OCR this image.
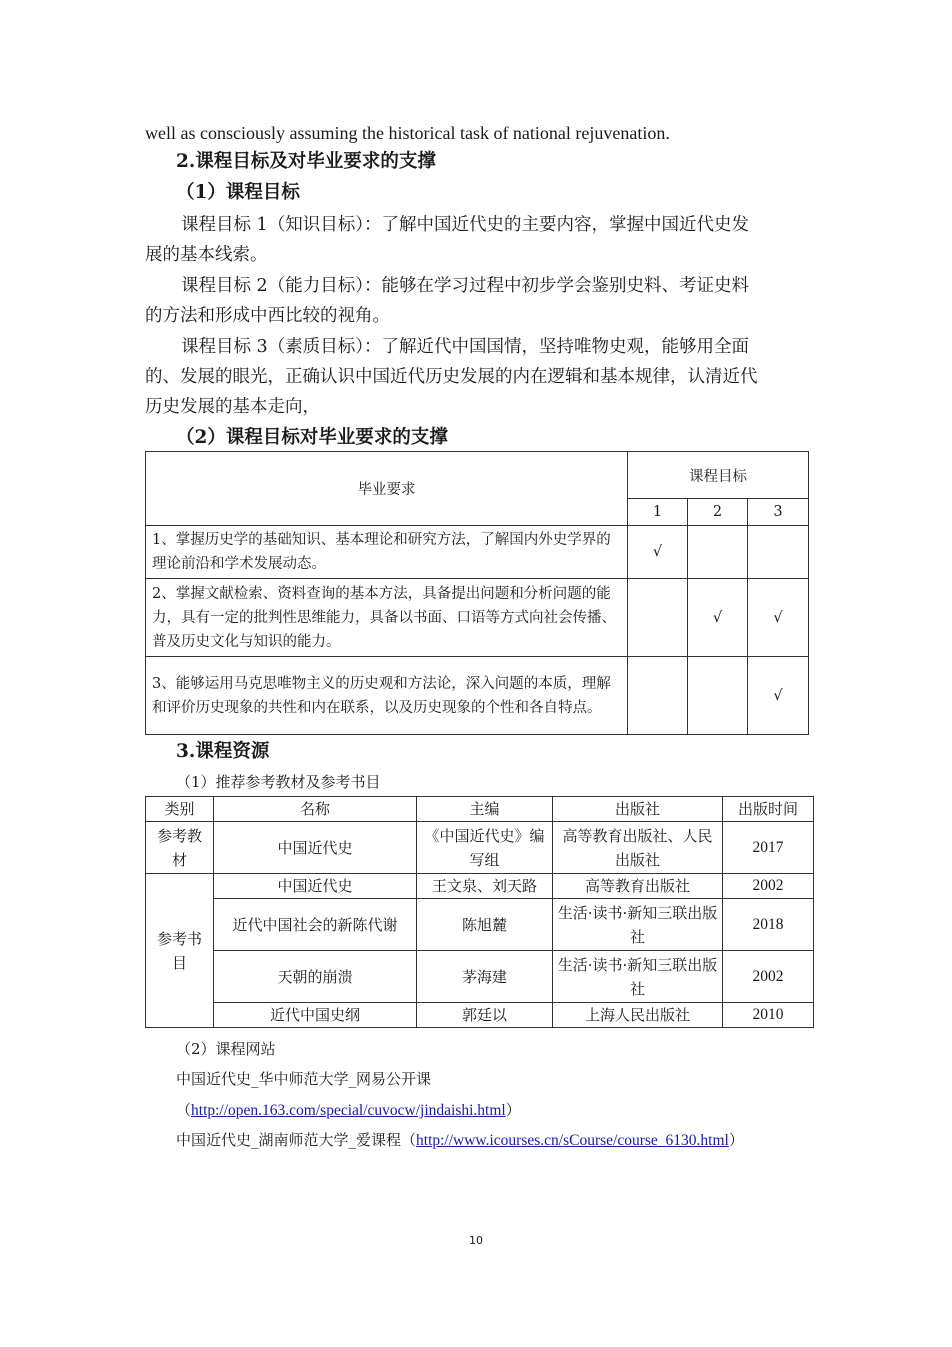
well as consciously assuming the historical task of national rejuvenation.
2.课程目标及对毕业要求的支撑
（1）课程目标
课程目标 1（知识目标）：了解中国近代史的主要内容，掌握中国近代史发
展的基本线索。
课程目标 2（能力目标）：能够在学习过程中初步学会鉴别史料、考证史料
的方法和形成中西比较的视角。
课程目标 3（素质目标）：了解近代中国国情，坚持唯物史观，能够用全面
的、发展的眼光，正确认识中国近代历史发展的内在逻辑和基本规律，认清近代
历史发展的基本走向，
（2）课程目标对毕业要求的支撑
毕业要求	课程目标		
	1	2	3
1、掌握历史学的基础知识、基本理论和研究方法，了解国内外史学界的理论前沿和学术发展动态。	√		
2、掌握文献检索、资料查询的基本方法，具备提出问题和分析问题的能力，具有一定的批判性思维能力，具备以书面、口语等方式向社会传播、普及历史文化与知识的能力。		√	√
3、能够运用马克思唯物主义的历史观和方法论，深入问题的本质，理解和评价历史现象的共性和内在联系，以及历史现象的个性和各自特点。			√
3.课程资源
（1）推荐参考教材及参考书目
类别	名称	主编	出版社	出版时间
参考教材	中国近代史	《中国近代史》编写组	高等教育出版社、人民出版社	2017
参考书目	中国近代史	王文泉、刘天路	高等教育出版社	2002
	近代中国社会的新陈代谢	陈旭麓	生活·读书·新知三联出版社	2018
	天朝的崩溃	茅海建	生活·读书·新知三联出版社	2002
	近代中国史纲	郭廷以	上海人民出版社	2010
（2）课程网站
中国近代史_华中师范大学_网易公开课
（http://open.163.com/special/cuvocw/jindaishi.html）
中国近代史_湖南师范大学_爱课程（http://www.icourses.cn/sCourse/course_6130.html）
10
